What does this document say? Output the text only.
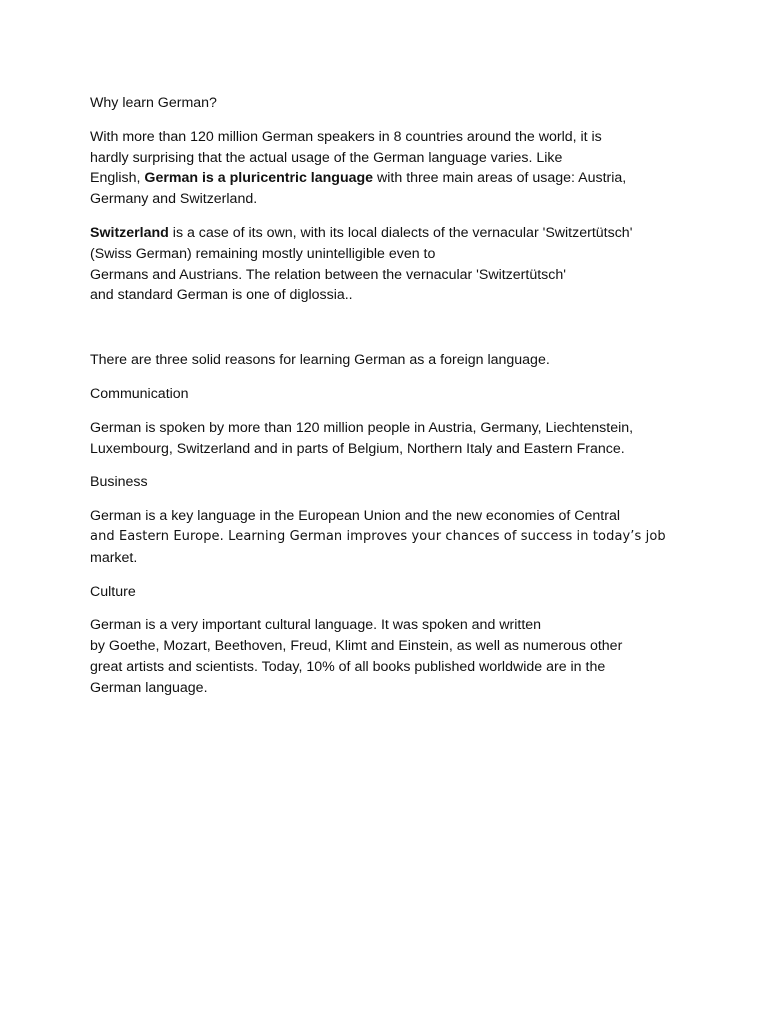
Why learn German?

With more than 120 million German speakers in 8 countries around the world, it is
hardly surprising that the actual usage of the German language varies. Like
English, German is a pluricentric language with three main areas of usage: Austria,
Germany and Switzerland.

Switzerland is a case of its own, with its local dialects of the vernacular 'Switzertütsch'
(Swiss German) remaining mostly unintelligible even to
Germans and Austrians. The relation between the vernacular 'Switzertütsch'
and standard German is one of diglossia..

There are three solid reasons for learning German as a foreign language.

Communication

German is spoken by more than 120 million people in Austria, Germany, Liechtenstein,
Luxembourg, Switzerland and in parts of Belgium, Northern Italy and Eastern France.

Business

German is a key language in the European Union and the new economies of Central
and Eastern Europe. Learning German improves your chances of success in today’s job
market.

Culture

German is a very important cultural language. It was spoken and written
by Goethe, Mozart, Beethoven, Freud, Klimt and Einstein, as well as numerous other
great artists and scientists. Today, 10% of all books published worldwide are in the
German language.
